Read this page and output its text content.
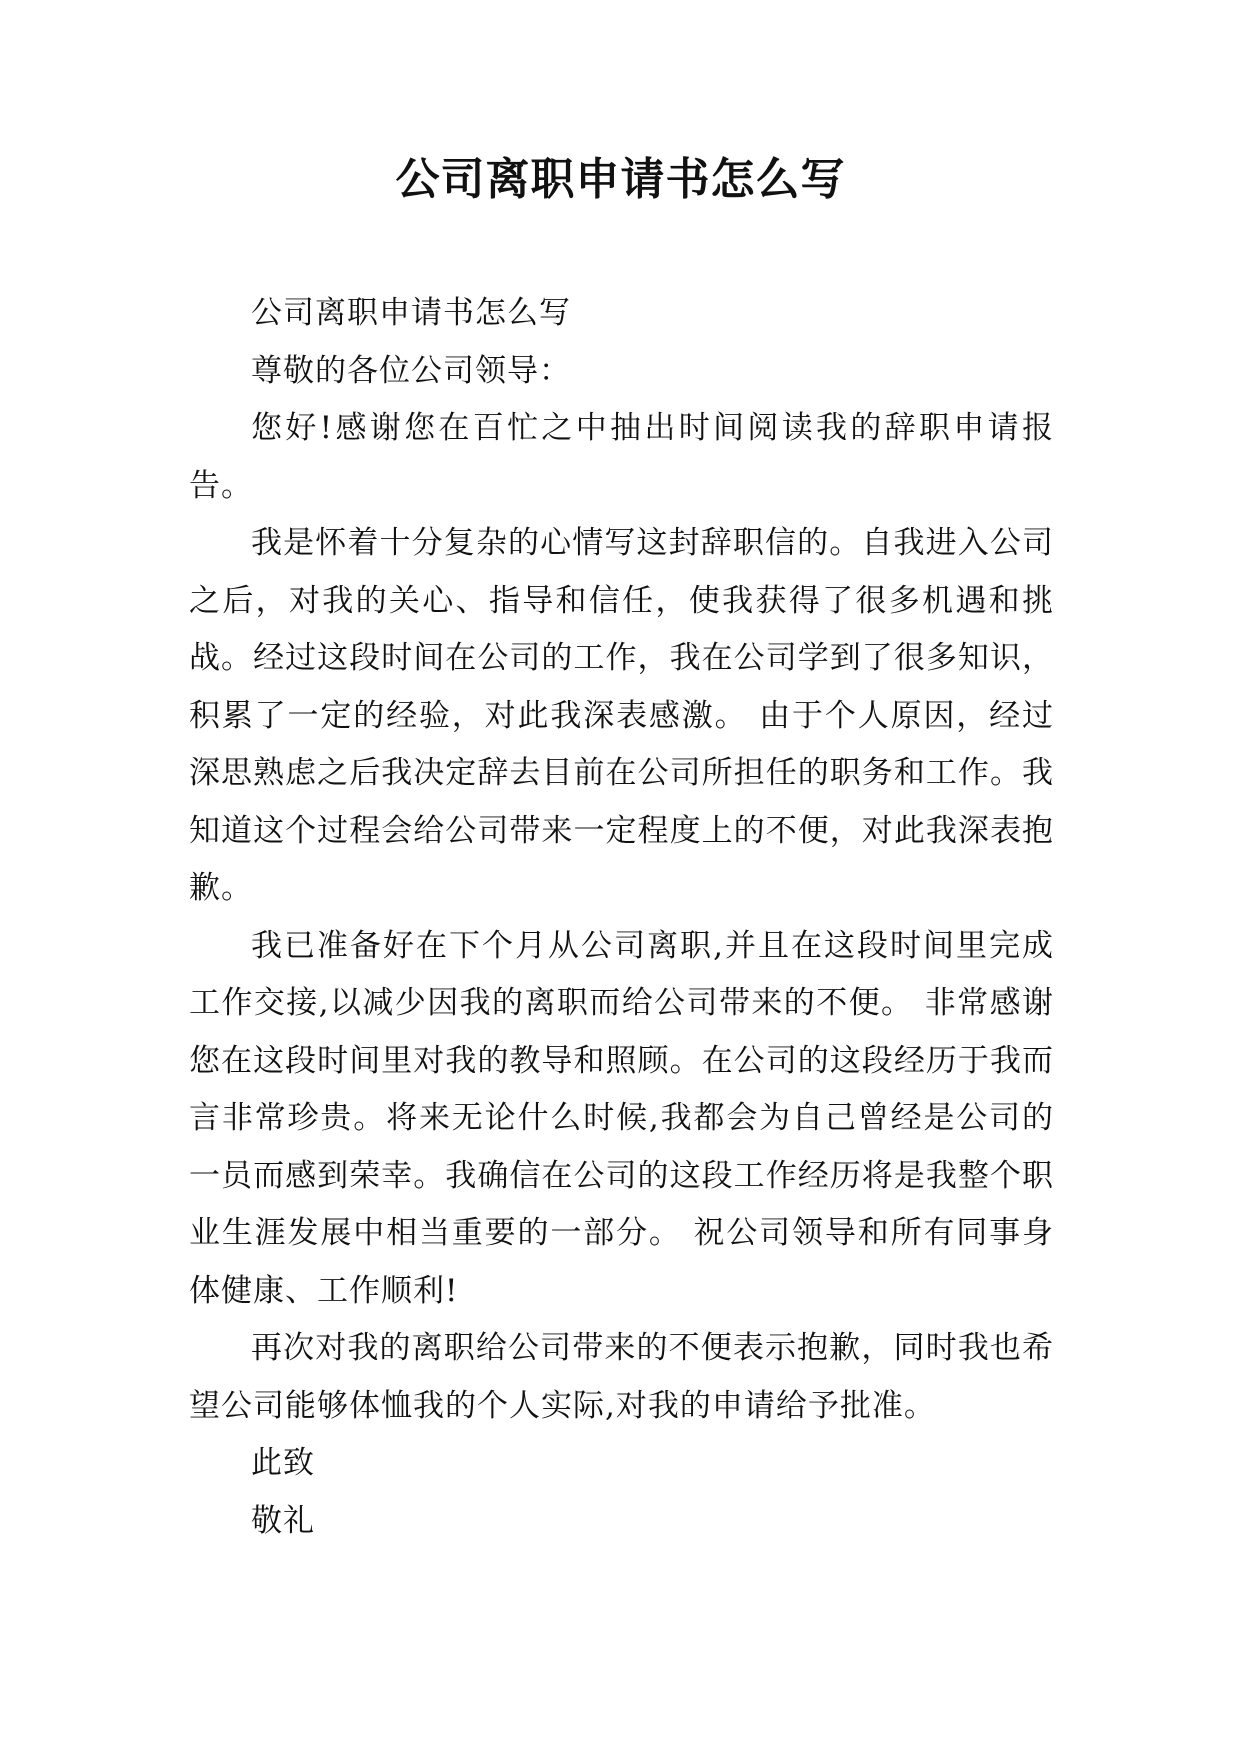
公司离职申请书怎么写

公司离职申请书怎么写

尊敬的各位公司领导：

您好!感谢您在百忙之中抽出时间阅读我的辞职申请报告。

我是怀着十分复杂的心情写这封辞职信的。自我进入公司之后，对我的关心、指导和信任，使我获得了很多机遇和挑战。经过这段时间在公司的工作，我在公司学到了很多知识，积累了一定的经验，对此我深表感激。 由于个人原因，经过深思熟虑之后我决定辞去目前在公司所担任的职务和工作。我知道这个过程会给公司带来一定程度上的不便，对此我深表抱歉。

我已准备好在下个月从公司离职,并且在这段时间里完成工作交接,以减少因我的离职而给公司带来的不便。 非常感谢您在这段时间里对我的教导和照顾。在公司的这段经历于我而言非常珍贵。将来无论什么时候,我都会为自己曾经是公司的一员而感到荣幸。我确信在公司的这段工作经历将是我整个职业生涯发展中相当重要的一部分。 祝公司领导和所有同事身体健康、工作顺利!

再次对我的离职给公司带来的不便表示抱歉，同时我也希望公司能够体恤我的个人实际,对我的申请给予批准。

此致

敬礼
